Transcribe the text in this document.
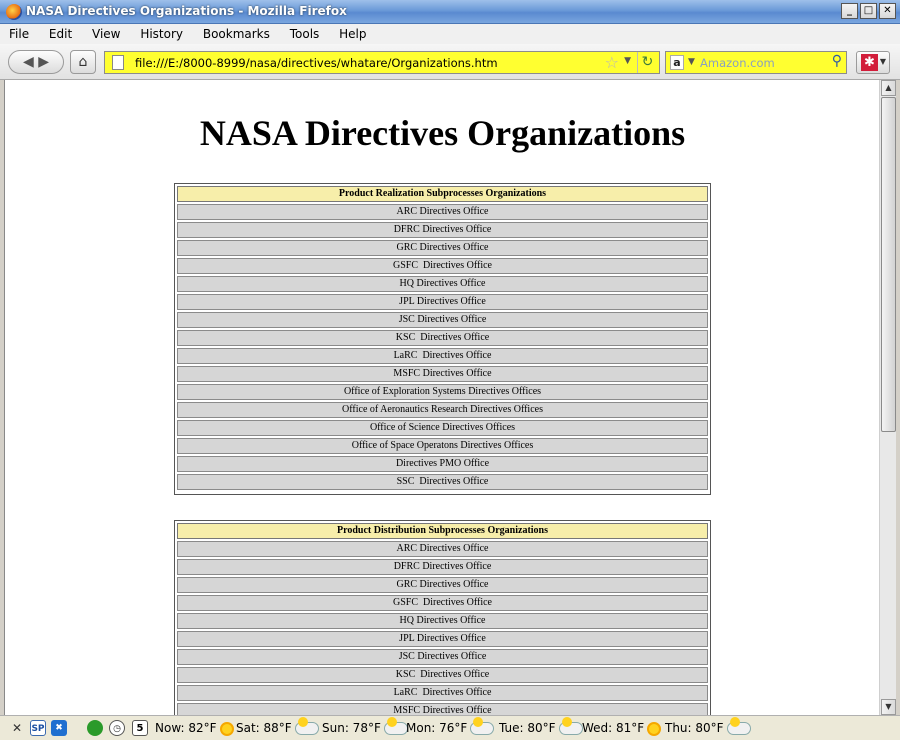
NASA Directives Organizations - Mozilla Firefox	_	□	✕
File Edit View History Bookmarks Tools Help
◀ ▶	⌂	file:///E:/8000-8999/nasa/directives/whatare/Organizations.htm	☆ ▼ ↻	a ▼ Amazon.com	⚲ ✱ ▼
NASA Directives Organizations
Product Realization Subprocesses Organizations
ARC Directives Office
DFRC Directives Office
GRC Directives Office
GSFC  Directives Office
HQ Directives Office
JPL Directives Office
JSC Directives Office
KSC  Directives Office
LaRC  Directives Office
MSFC Directives Office
Office of Exploration Systems Directives Offices
Office of Aeronautics Research Directives Offices
Office of Science Directives Offices
Office of Space Operatons Directives Offices
Directives PMO Office
SSC  Directives Office
Product Distribution Subprocesses Organizations
ARC Directives Office
DFRC Directives Office
GRC Directives Office
GSFC  Directives Office
HQ Directives Office
JPL Directives Office
JSC Directives Office
KSC  Directives Office
LaRC  Directives Office
MSFC Directives Office
▲
▼
✕	SP	✖	◷	5 Now: 82°F	Sat: 88°F	Sun: 78°F	Mon: 76°F	Tue: 80°F	Wed: 81°F	Thu: 80°F
